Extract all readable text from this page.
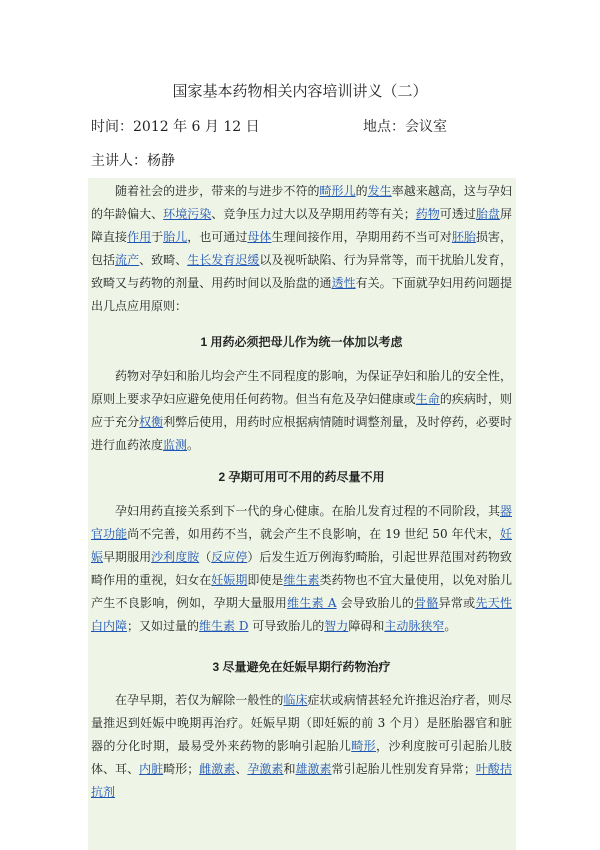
国家基本药物相关内容培训讲义（二）
时间：2012 年 6 月 12 日	地点：会议室
主讲人：杨静

随着社会的进步，带来的与进步不符的畸形儿的发生率越来越高，这与孕妇的年龄偏大、环境污染、竞争压力过大以及孕期用药等有关；药物可透过胎盘屏障直接作用于胎儿，也可通过母体生理间接作用，孕期用药不当可对胚胎损害，包括流产、致畸、生长发育迟缓以及视听缺陷、行为异常等，而干扰胎儿发育，致畸又与药物的剂量、用药时间以及胎盘的通透性有关。下面就孕妇用药问题提出几点应用原则：

1 用药必须把母儿作为统一体加以考虑

药物对孕妇和胎儿均会产生不同程度的影响，为保证孕妇和胎儿的安全性，原则上要求孕妇应避免使用任何药物。但当有危及孕妇健康或生命的疾病时，则应于充分权衡利弊后使用，用药时应根据病情随时调整剂量，及时停药，必要时进行血药浓度监测。

2 孕期可用可不用的药尽量不用

孕妇用药直接关系到下一代的身心健康。在胎儿发育过程的不同阶段，其器官功能尚不完善，如用药不当，就会产生不良影响，在 19 世纪 50 年代末，妊娠早期服用沙利度胺（反应停）后发生近万例海豹畸胎，引起世界范围对药物致畸作用的重视，妇女在妊娠期即使是维生素类药物也不宜大量使用，以免对胎儿产生不良影响，例如，孕期大量服用维生素 A 会导致胎儿的骨骼异常或先天性白内障；又如过量的维生素 D 可导致胎儿的智力障碍和主动脉狭窄。

3 尽量避免在妊娠早期行药物治疗

在孕早期，若仅为解除一般性的临床症状或病情甚轻允许推迟治疗者，则尽量推迟到妊娠中晚期再治疗。妊娠早期（即妊娠的前 3 个月）是胚胎器官和脏器的分化时期，最易受外来药物的影响引起胎儿畸形，沙利度胺可引起胎儿肢体、耳、内脏畸形；雌激素、孕激素和雄激素常引起胎儿性别发育异常；叶酸拮抗剂
